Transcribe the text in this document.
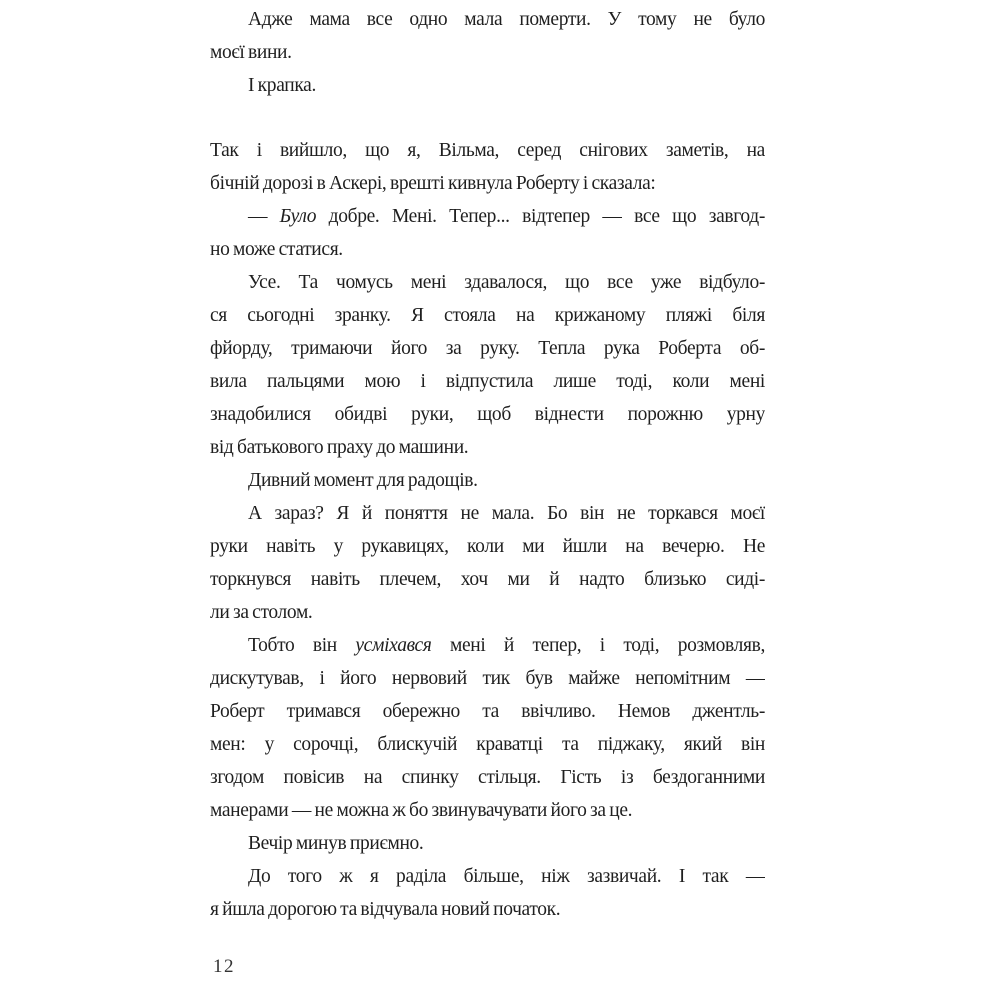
Адже мама все одно мала померти. У тому не було
моєї вини.
І крапка.
Так і вийшло, що я, Вільма, серед снігових заметів, на
бічній дорозі в Аскері, врешті кивнула Роберту і сказала:
— Було добре. Мені. Тепер... відтепер — все що завгод-
но може статися.
Усе. Та чомусь мені здавалося, що все уже відбуло-
ся сьогодні зранку. Я стояла на крижаному пляжі біля
фйорду, тримаючи його за руку. Тепла рука Роберта об-
вила пальцями мою і відпустила лише тоді, коли мені
знадобилися обидві руки, щоб віднести порожню урну
від батькового праху до машини.
Дивний момент для радощів.
А зараз? Я й поняття не мала. Бо він не торкався моєї
руки навіть у рукавицях, коли ми йшли на вечерю. Не
торкнувся навіть плечем, хоч ми й надто близько сиді-
ли за столом.
Тобто він усміхався мені й тепер, і тоді, розмовляв,
дискутував, і його нервовий тик був майже непомітним —
Роберт тримався обережно та ввічливо. Немов джентль-
мен: у сорочці, блискучій краватці та піджаку, який він
згодом повісив на спинку стільця. Гість із бездоганними
манерами — не можна ж бо звинувачувати його за це.
Вечір минув приємно.
До того ж я раділа більше, ніж зазвичай. І так —
я йшла дорогою та відчувала новий початок.
12
